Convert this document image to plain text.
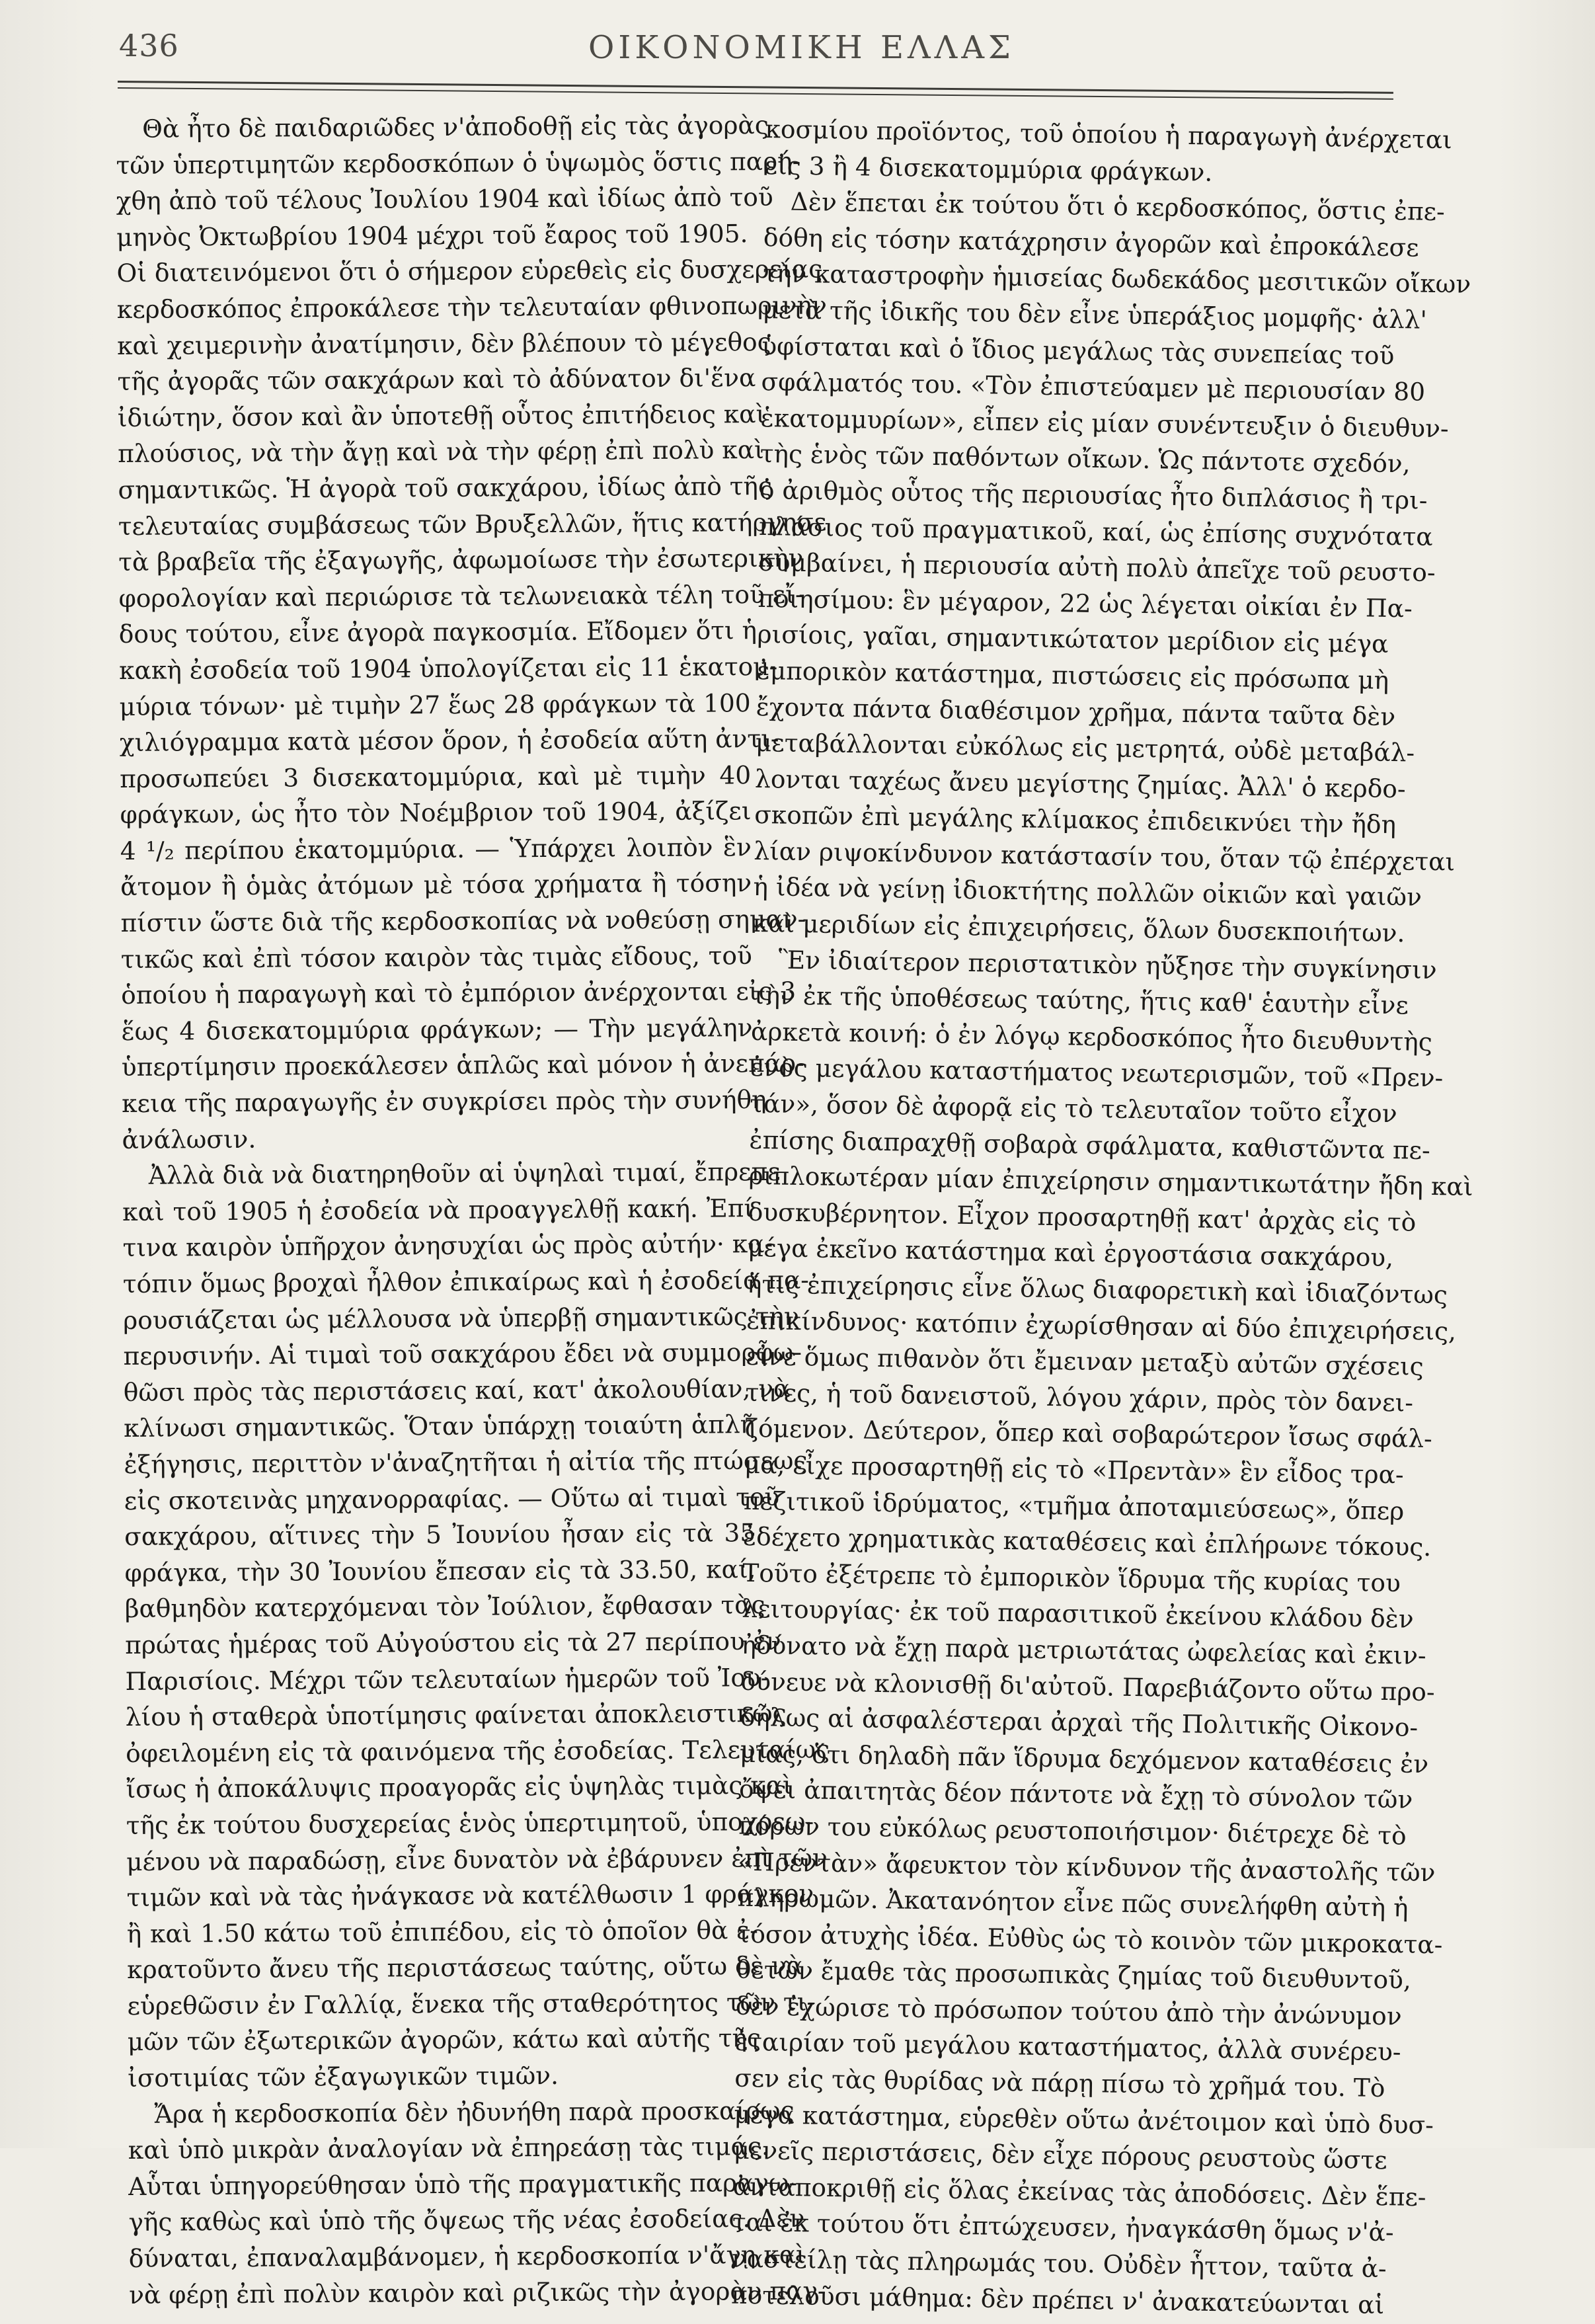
436	ΟΙΚΟΝΟΜΙΚΗ ΕΛΛΑΣ
Θὰ ἦτο δὲ παιδαριῶδες ν'ἀποδοθῇ εἰς τὰς ἀγορὰς
τῶν ὑπερτιμητῶν κερδοσκόπων ὁ ὑψωμὸς ὅστις παρή-
χθη ἀπὸ τοῦ τέλους Ἰουλίου 1904 καὶ ἰδίως ἀπὸ τοῦ
μηνὸς Ὀκτωβρίου 1904 μέχρι τοῦ ἔαρος τοῦ 1905.
Οἱ διατεινόμενοι ὅτι ὁ σήμερον εὑρεθεὶς εἰς δυσχερείας
κερδοσκόπος ἐπροκάλεσε τὴν τελευταίαν φθινοπωρινὴν
καὶ χειμερινὴν ἀνατίμησιν, δὲν βλέπουν τὸ μέγεθος
τῆς ἀγορᾶς τῶν σακχάρων καὶ τὸ ἀδύνατον δι'ἕνα
ἰδιώτην, ὅσον καὶ ἂν ὑποτεθῇ οὗτος ἐπιτήδειος καὶ
πλούσιος, νὰ τὴν ἄγῃ καὶ νὰ τὴν φέρῃ ἐπὶ πολὺ καὶ
σημαντικῶς. Ἡ ἀγορὰ τοῦ σακχάρου, ἰδίως ἀπὸ τῆς
τελευταίας συμβάσεως τῶν Βρυξελλῶν, ἥτις κατήργησε
τὰ βραβεῖα τῆς ἐξαγωγῆς, ἀφωμοίωσε τὴν ἐσωτερικὴν
φορολογίαν καὶ περιώρισε τὰ τελωνειακὰ τέλη τοῦ εἴ-
δους τούτου, εἶνε ἀγορὰ παγκοσμία. Εἴδομεν ὅτι ἡ
κακὴ ἐσοδεία τοῦ 1904 ὑπολογίζεται εἰς 11 ἑκατομ-
μύρια τόνων· μὲ τιμὴν 27 ἕως 28 φράγκων τὰ 100
χιλιόγραμμα κατὰ μέσον ὅρον, ἡ ἐσοδεία αὕτη ἀντι-
προσωπεύει 3 δισεκατομμύρια, καὶ μὲ τιμὴν 40
φράγκων, ὡς ἦτο τὸν Νοέμβριον τοῦ 1904, ἀξίζει
4 ¹/₂ περίπου ἑκατομμύρια. — Ὑπάρχει λοιπὸν ἓν
ἄτομον ἢ ὁμὰς ἀτόμων μὲ τόσα χρήματα ἢ τόσην
πίστιν ὥστε διὰ τῆς κερδοσκοπίας νὰ νοθεύσῃ σημαν-
τικῶς καὶ ἐπὶ τόσον καιρὸν τὰς τιμὰς εἴδους, τοῦ
ὁποίου ἡ παραγωγὴ καὶ τὸ ἐμπόριον ἀνέρχονται εἰς 3
ἕως 4 δισεκατομμύρια φράγκων; — Τὴν μεγάλην
ὑπερτίμησιν προεκάλεσεν ἁπλῶς καὶ μόνον ἡ ἀνεπάρ-
κεια τῆς παραγωγῆς ἐν συγκρίσει πρὸς τὴν συνήθη
ἀνάλωσιν.
Ἀλλὰ διὰ νὰ διατηρηθοῦν αἱ ὑψηλαὶ τιμαί, ἔπρεπε
καὶ τοῦ 1905 ἡ ἐσοδεία νὰ προαγγελθῇ κακή. Ἐπί
τινα καιρὸν ὑπῆρχον ἀνησυχίαι ὡς πρὸς αὐτήν· κα-
τόπιν ὅμως βροχαὶ ἦλθον ἐπικαίρως καὶ ἡ ἐσοδεία πα-
ρουσιάζεται ὡς μέλλουσα νὰ ὑπερβῇ σημαντικῶς τὴν
περυσινήν. Αἱ τιμαὶ τοῦ σακχάρου ἔδει νὰ συμμορφω-
θῶσι πρὸς τὰς περιστάσεις καί, κατ' ἀκολουθίαν, νὰ
κλίνωσι σημαντικῶς. Ὅταν ὑπάρχῃ τοιαύτη ἁπλῆ
ἐξήγησις, περιττὸν ν'ἀναζητῆται ἡ αἰτία τῆς πτώσεως
εἰς σκοτεινὰς μηχανορραφίας. — Οὕτω αἱ τιμαὶ τοῦ
σακχάρου, αἵτινες τὴν 5 Ἰουνίου ἦσαν εἰς τὰ 35
φράγκα, τὴν 30 Ἰουνίου ἔπεσαν εἰς τὰ 33.50, καί,
βαθμηδὸν κατερχόμεναι τὸν Ἰούλιον, ἔφθασαν τὰς
πρώτας ἡμέρας τοῦ Αὐγούστου εἰς τὰ 27 περίπου ἐν
Παρισίοις. Μέχρι τῶν τελευταίων ἡμερῶν τοῦ Ἰου-
λίου ἡ σταθερὰ ὑποτίμησις φαίνεται ἀποκλειστικῶς
ὀφειλομένη εἰς τὰ φαινόμενα τῆς ἐσοδείας. Τελευταίως
ἴσως ἡ ἀποκάλυψις προαγορᾶς εἰς ὑψηλὰς τιμὰς καὶ
τῆς ἐκ τούτου δυσχερείας ἑνὸς ὑπερτιμητοῦ, ὑποχρεω-
μένου νὰ παραδώσῃ, εἶνε δυνατὸν νὰ ἐβάρυνεν ἐπὶ τῶν
τιμῶν καὶ νὰ τὰς ἠνάγκασε νὰ κατέλθωσιν 1 φράγκον
ἢ καὶ 1.50 κάτω τοῦ ἐπιπέδου, εἰς τὸ ὁποῖον θὰ ἐ-
κρατοῦντο ἄνευ τῆς περιστάσεως ταύτης, οὕτω δὲ νὰ
εὑρεθῶσιν ἐν Γαλλίᾳ, ἕνεκα τῆς σταθερότητος τῶν τι-
μῶν τῶν ἐξωτερικῶν ἀγορῶν, κάτω καὶ αὐτῆς τῆς
ἰσοτιμίας τῶν ἐξαγωγικῶν τιμῶν.
Ἄρα ἡ κερδοσκοπία δὲν ἠδυνήθη παρὰ προσκαίρως
καὶ ὑπὸ μικρὰν ἀναλογίαν νὰ ἐπηρεάσῃ τὰς τιμάς.
Αὗται ὑπηγορεύθησαν ὑπὸ τῆς πραγματικῆς παραγω-
γῆς καθὼς καὶ ὑπὸ τῆς ὄψεως τῆς νέας ἐσοδείας. Δὲν
δύναται, ἐπαναλαμβάνομεν, ἡ κερδοσκοπία ν'ἄγῃ καὶ
νὰ φέρῃ ἐπὶ πολὺν καιρὸν καὶ ριζικῶς τὴν ἀγορὰν παγ-
κοσμίου προϊόντος, τοῦ ὁποίου ἡ παραγωγὴ ἀνέρχεται
εἰς 3 ἢ 4 δισεκατομμύρια φράγκων.
Δὲν ἕπεται ἐκ τούτου ὅτι ὁ κερδοσκόπος, ὅστις ἐπε-
δόθη εἰς τόσην κατάχρησιν ἀγορῶν καὶ ἐπροκάλεσε
τὴν καταστροφὴν ἡμισείας δωδεκάδος μεσιτικῶν οἴκων
μετὰ τῆς ἰδικῆς του δὲν εἶνε ὑπεράξιος μομφῆς· ἀλλ'
ὑφίσταται καὶ ὁ ἴδιος μεγάλως τὰς συνεπείας τοῦ
σφάλματός του. «Τὸν ἐπιστεύαμεν μὲ περιουσίαν 80
ἑκατομμυρίων», εἶπεν εἰς μίαν συνέντευξιν ὁ διευθυν-
τὴς ἑνὸς τῶν παθόντων οἴκων. Ὡς πάντοτε σχεδόν,
ὁ ἀριθμὸς οὗτος τῆς περιουσίας ἦτο διπλάσιος ἢ τρι-
πλάσιος τοῦ πραγματικοῦ, καί, ὡς ἐπίσης συχνότατα
συμβαίνει, ἡ περιουσία αὐτὴ πολὺ ἀπεῖχε τοῦ ρευστο-
ποιησίμου: ἓν μέγαρον, 22 ὡς λέγεται οἰκίαι ἐν Πα-
ρισίοις, γαῖαι, σημαντικώτατον μερίδιον εἰς μέγα
ἐμπορικὸν κατάστημα, πιστώσεις εἰς πρόσωπα μὴ
ἔχοντα πάντα διαθέσιμον χρῆμα, πάντα ταῦτα δὲν
μεταβάλλονται εὐκόλως εἰς μετρητά, οὐδὲ μεταβάλ-
λονται ταχέως ἄνευ μεγίστης ζημίας. Ἀλλ' ὁ κερδο-
σκοπῶν ἐπὶ μεγάλης κλίμακος ἐπιδεικνύει τὴν ἤδη
λίαν ριψοκίνδυνον κατάστασίν του, ὅταν τῷ ἐπέρχεται
ἡ ἰδέα νὰ γείνῃ ἰδιοκτήτης πολλῶν οἰκιῶν καὶ γαιῶν
καὶ μεριδίων εἰς ἐπιχειρήσεις, ὅλων δυσεκποιήτων.
Ἓν ἰδιαίτερον περιστατικὸν ηὔξησε τὴν συγκίνησιν
τὴν ἐκ τῆς ὑποθέσεως ταύτης, ἥτις καθ' ἑαυτὴν εἶνε
ἀρκετὰ κοινή: ὁ ἐν λόγῳ κερδοσκόπος ἦτο διευθυντὴς
ἑνὸς μεγάλου καταστήματος νεωτερισμῶν, τοῦ «Πρεν-
τάν», ὅσον δὲ ἀφορᾷ εἰς τὸ τελευταῖον τοῦτο εἶχον
ἐπίσης διαπραχθῇ σοβαρὰ σφάλματα, καθιστῶντα πε-
ριπλοκωτέραν μίαν ἐπιχείρησιν σημαντικωτάτην ἤδη καὶ
δυσκυβέρνητον. Εἶχον προσαρτηθῇ κατ' ἀρχὰς εἰς τὸ
μέγα ἐκεῖνο κατάστημα καὶ ἐργοστάσια σακχάρου,
ἥτις ἐπιχείρησις εἶνε ὅλως διαφορετικὴ καὶ ἰδιαζόντως
ἐπικίνδυνος· κατόπιν ἐχωρίσθησαν αἱ δύο ἐπιχειρήσεις,
εἶνε ὅμως πιθανὸν ὅτι ἔμειναν μεταξὺ αὐτῶν σχέσεις
τινες, ἡ τοῦ δανειστοῦ, λόγου χάριν, πρὸς τὸν δανει-
ζόμενον. Δεύτερον, ὅπερ καὶ σοβαρώτερον ἴσως σφάλ-
μα, εἶχε προσαρτηθῇ εἰς τὸ «Πρεντὰν» ἓν εἶδος τρα-
πεζιτικοῦ ἱδρύματος, «τμῆμα ἀποταμιεύσεως», ὅπερ
ἐδέχετο χρηματικὰς καταθέσεις καὶ ἐπλήρωνε τόκους.
Τοῦτο ἐξέτρεπε τὸ ἐμπορικὸν ἵδρυμα τῆς κυρίας του
λειτουργίας· ἐκ τοῦ παρασιτικοῦ ἐκείνου κλάδου δὲν
ἠδύνατο νὰ ἔχῃ παρὰ μετριωτάτας ὠφελείας καὶ ἐκιν-
δύνευε νὰ κλονισθῇ δι'αὐτοῦ. Παρεβιάζοντο οὕτω προ-
δήλως αἱ ἀσφαλέστεραι ἀρχαὶ τῆς Πολιτικῆς Οἰκονο-
μίας, ὅτι δηλαδὴ πᾶν ἵδρυμα δεχόμενον καταθέσεις ἐν
ὄψει ἀπαιτητὰς δέον πάντοτε νὰ ἔχῃ τὸ σύνολον τῶν
πόρων του εὐκόλως ρευστοποιήσιμον· διέτρεχε δὲ τὸ
«Πρεντὰν» ἄφευκτον τὸν κίνδυνον τῆς ἀναστολῆς τῶν
πληρωμῶν. Ἀκατανόητον εἶνε πῶς συνελήφθη αὐτὴ ἡ
τόσον ἀτυχὴς ἰδέα. Εὐθὺς ὡς τὸ κοινὸν τῶν μικροκατα-
θετῶν ἔμαθε τὰς προσωπικὰς ζημίας τοῦ διευθυντοῦ,
δὲν ἐχώρισε τὸ πρόσωπον τούτου ἀπὸ τὴν ἀνώνυμον
ἑταιρίαν τοῦ μεγάλου καταστήματος, ἀλλὰ συνέρευ-
σεν εἰς τὰς θυρίδας νὰ πάρῃ πίσω τὸ χρῆμά του. Τὸ
μέγα κατάστημα, εὑρεθὲν οὕτω ἀνέτοιμον καὶ ὑπὸ δυσ-
μενεῖς περιστάσεις, δὲν εἶχε πόρους ρευστοὺς ὥστε
ἀνταποκριθῇ εἰς ὅλας ἐκείνας τὰς ἀποδόσεις. Δὲν ἕπε-
ται ἐκ τούτου ὅτι ἐπτώχευσεν, ἠναγκάσθη ὅμως ν'ἀ-
ναστείλῃ τὰς πληρωμάς του. Οὐδὲν ἧττον, ταῦτα ἀ-
ποτελοῦσι μάθημα: δὲν πρέπει ν' ἀνακατεύωνται αἱ
